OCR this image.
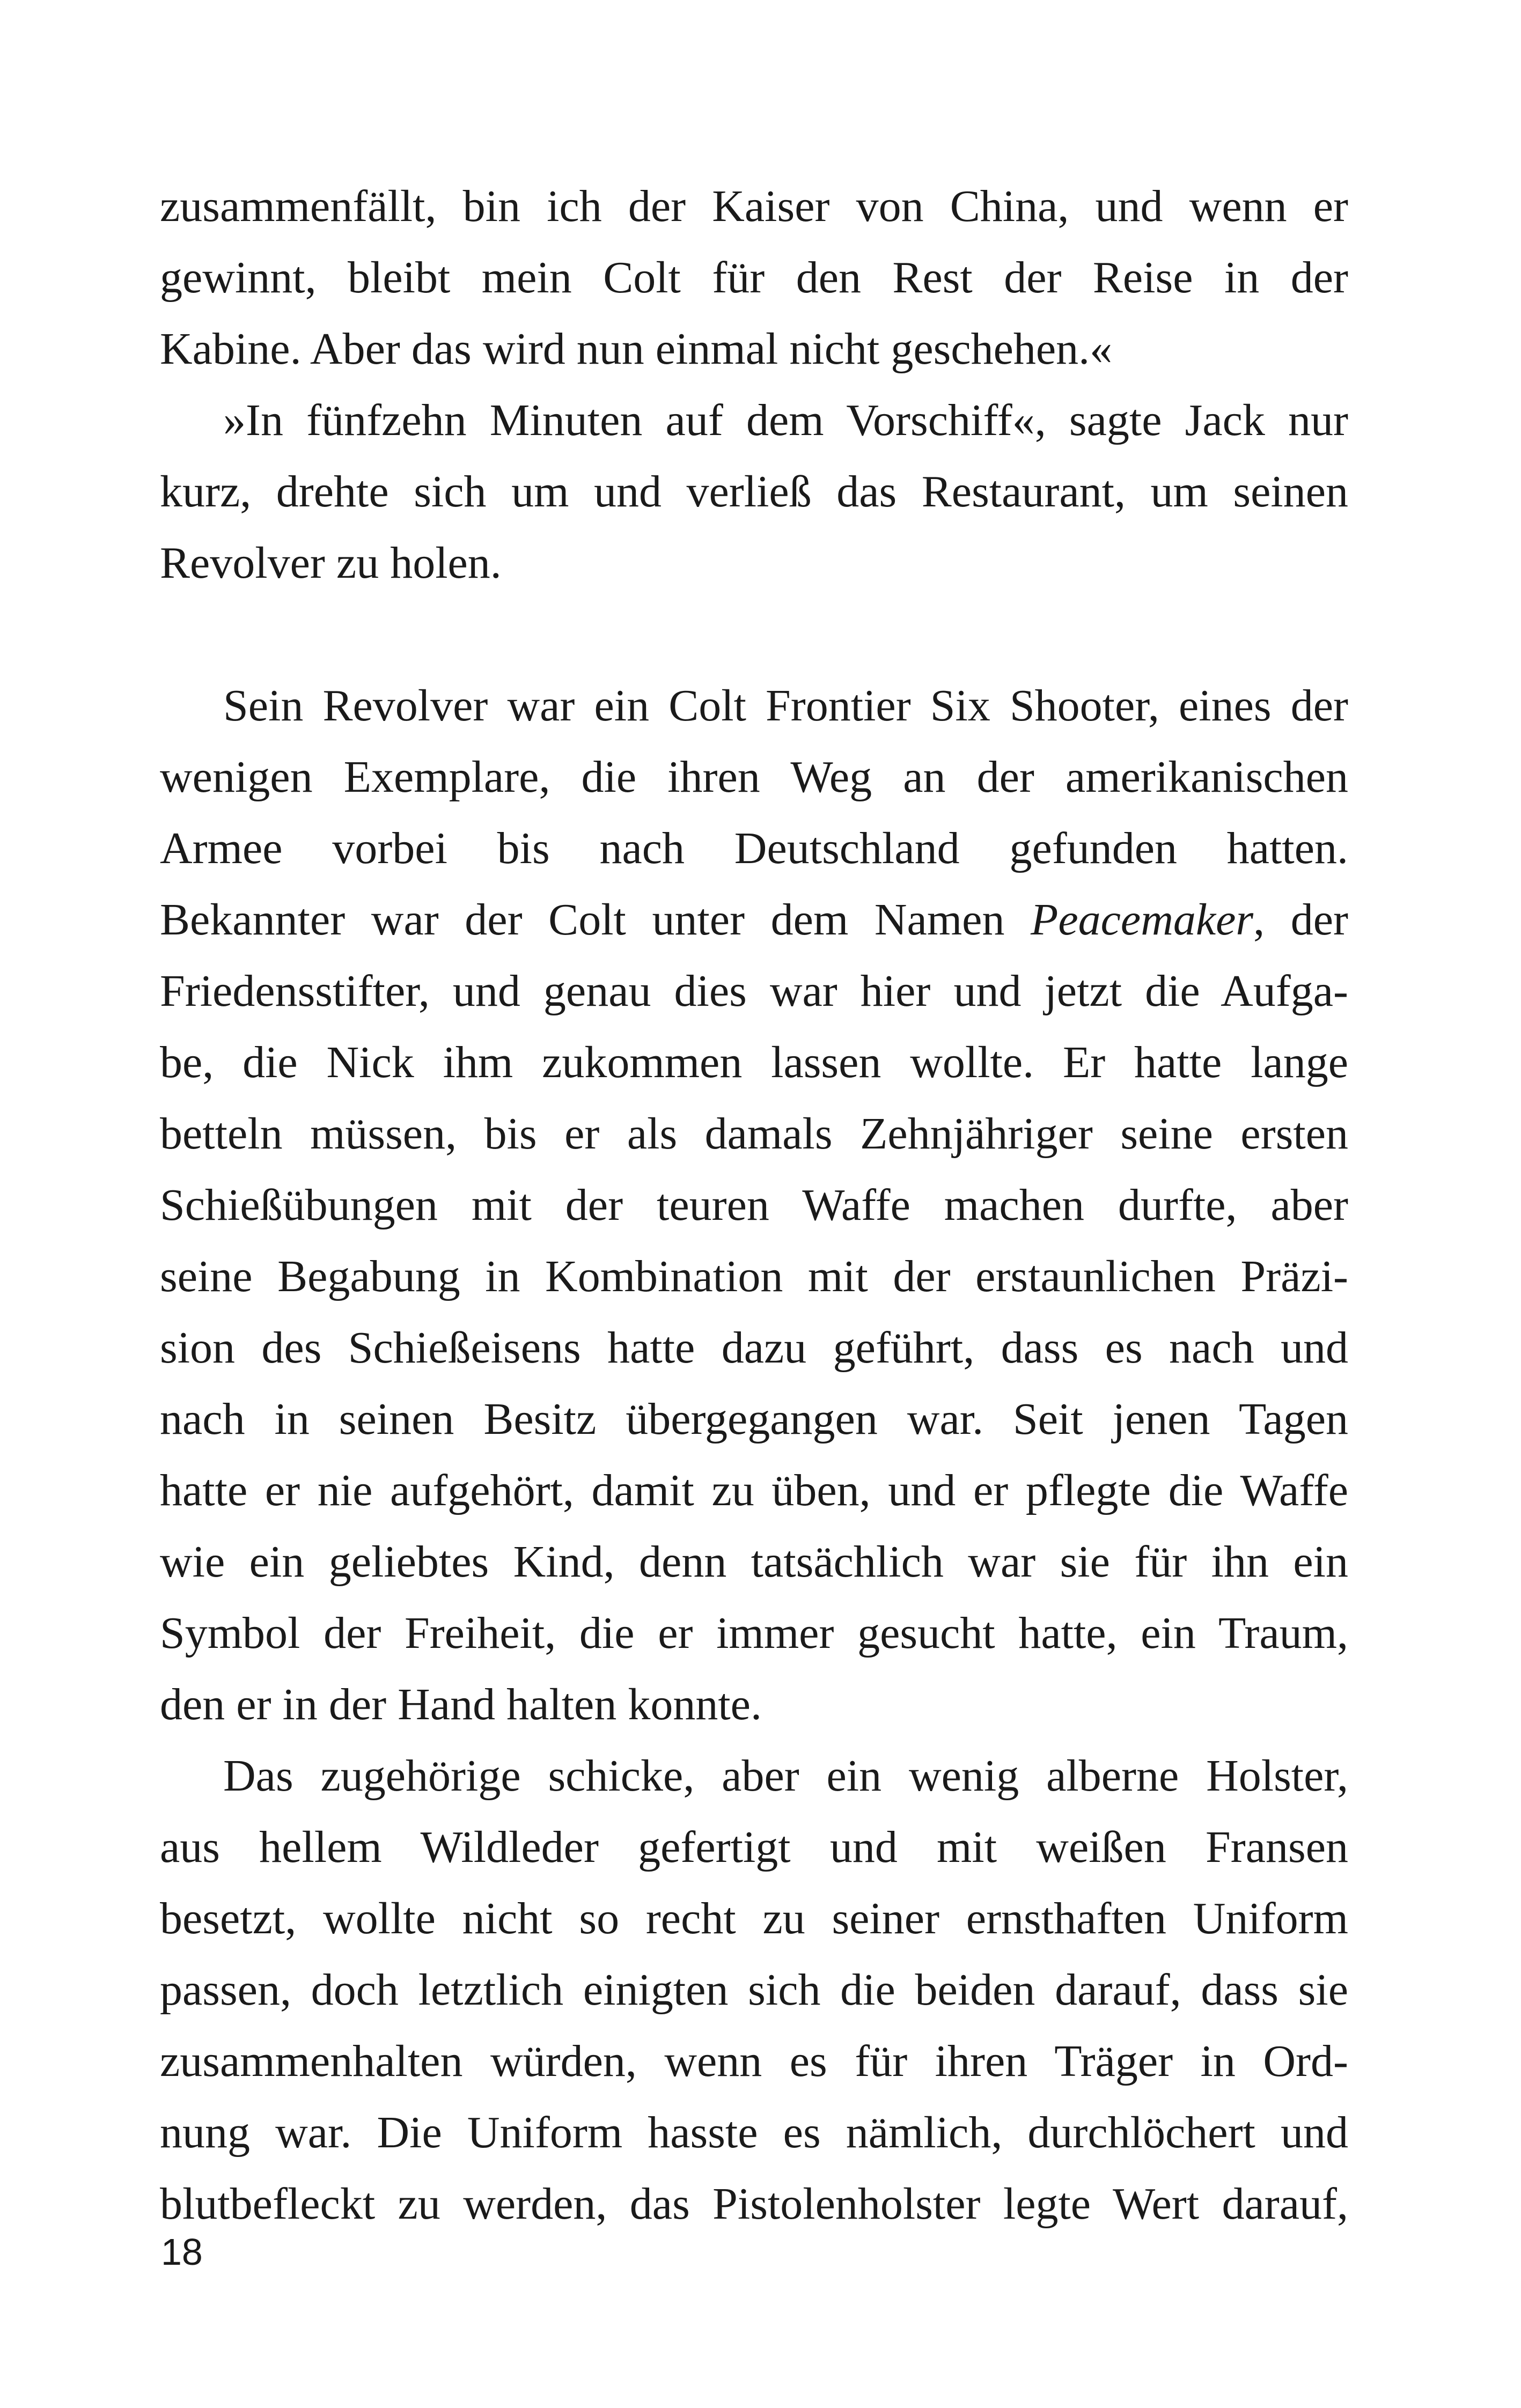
zusammenfällt, bin ich der Kaiser von China, und wenn er
gewinnt, bleibt mein Colt für den Rest der Reise in der
Kabine. Aber das wird nun einmal nicht geschehen.«
»In fünfzehn Minuten auf dem Vorschiff«, sagte Jack nur
kurz, drehte sich um und verließ das Restaurant, um seinen
Revolver zu holen.
Sein Revolver war ein Colt Frontier Six Shooter, eines der
wenigen Exemplare, die ihren Weg an der amerikanischen
Armee vorbei bis nach Deutschland gefunden hatten.
Bekannter war der Colt unter dem Namen Peacemaker, der
Friedensstifter, und genau dies war hier und jetzt die Aufga-
be, die Nick ihm zukommen lassen wollte. Er hatte lange
betteln müssen, bis er als damals Zehnjähriger seine ersten
Schießübungen mit der teuren Waffe machen durfte, aber
seine Begabung in Kombination mit der erstaunlichen Präzi-
sion des Schießeisens hatte dazu geführt, dass es nach und
nach in seinen Besitz übergegangen war. Seit jenen Tagen
hatte er nie aufgehört, damit zu üben, und er pflegte die Waffe
wie ein geliebtes Kind, denn tatsächlich war sie für ihn ein
Symbol der Freiheit, die er immer gesucht hatte, ein Traum,
den er in der Hand halten konnte.
Das zugehörige schicke, aber ein wenig alberne Holster,
aus hellem Wildleder gefertigt und mit weißen Fransen
besetzt, wollte nicht so recht zu seiner ernsthaften Uniform
passen, doch letztlich einigten sich die beiden darauf, dass sie
zusammenhalten würden, wenn es für ihren Träger in Ord-
nung war. Die Uniform hasste es nämlich, durchlöchert und
blutbefleckt zu werden, das Pistolenholster legte Wert darauf,
18
